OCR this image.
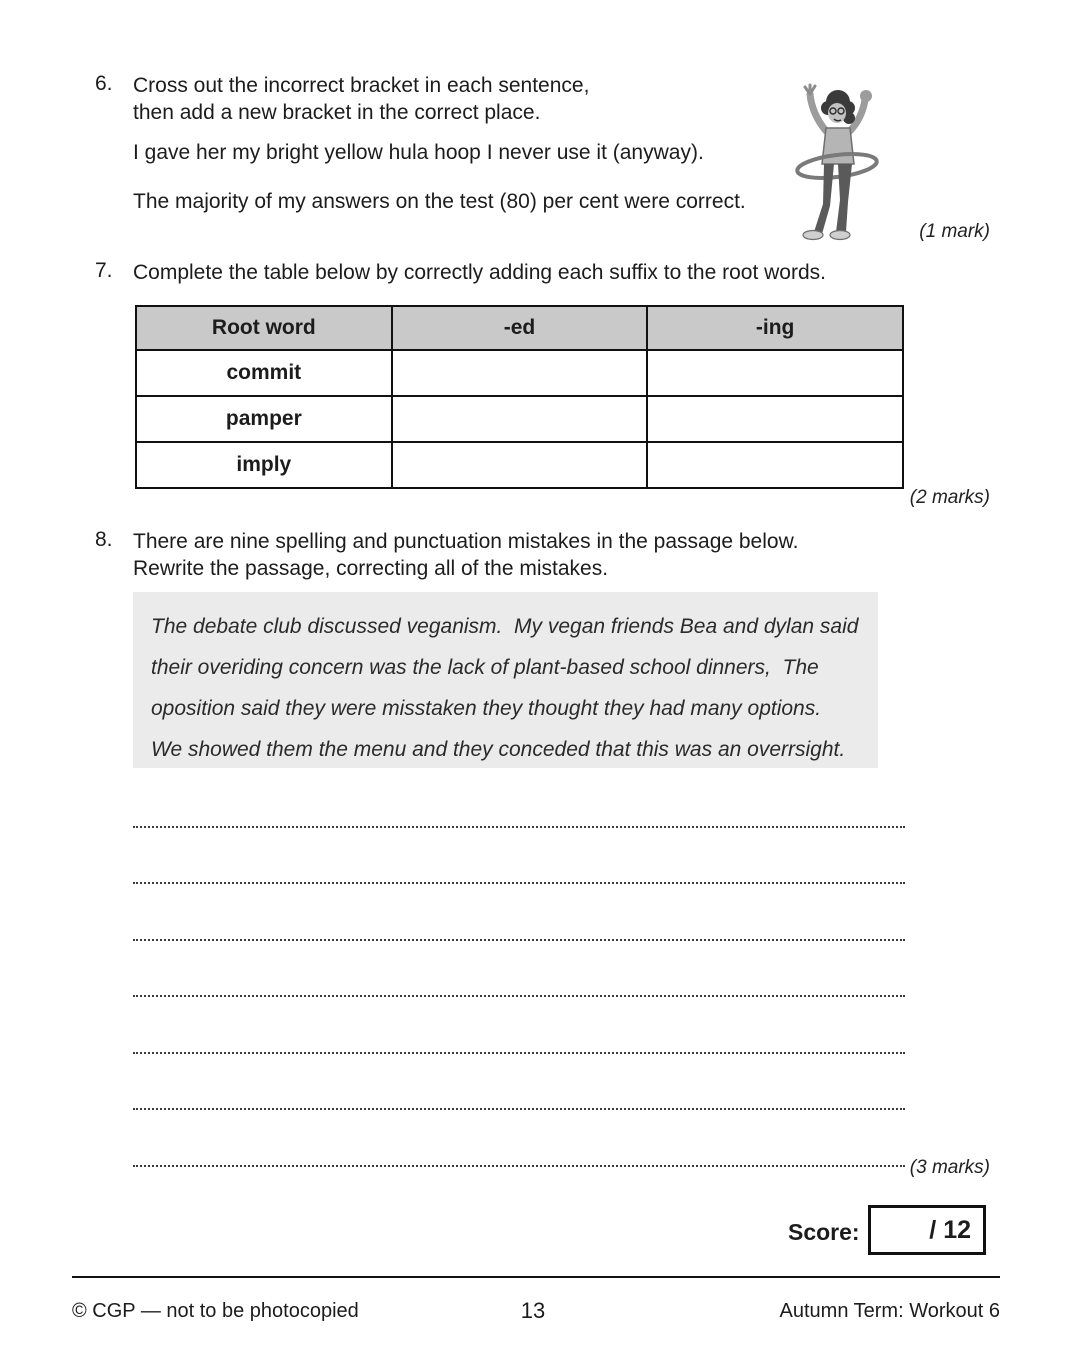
6. Cross out the incorrect bracket in each sentence,
then add a new bracket in the correct place.
I gave her my bright yellow hula hoop I never use it (anyway).
The majority of my answers on the test (80) per cent were correct.
(1 mark)
7. Complete the table below by correctly adding each suffix to the root words.
Root word	-ed	-ing
commit		
pamper		
imply		
(2 marks)
8. There are nine spelling and punctuation mistakes in the passage below.
Rewrite the passage, correcting all of the mistakes.
The debate club discussed veganism.  My vegan friends Bea and dylan said
their overiding concern was the lack of plant-based school dinners,  The
oposition said they were misstaken they thought they had many options.
We showed them the menu and they conceded that this was an overrsight.
(3 marks)
Score:	/ 12
© CGP — not to be photocopied	13	Autumn Term: Workout 6
